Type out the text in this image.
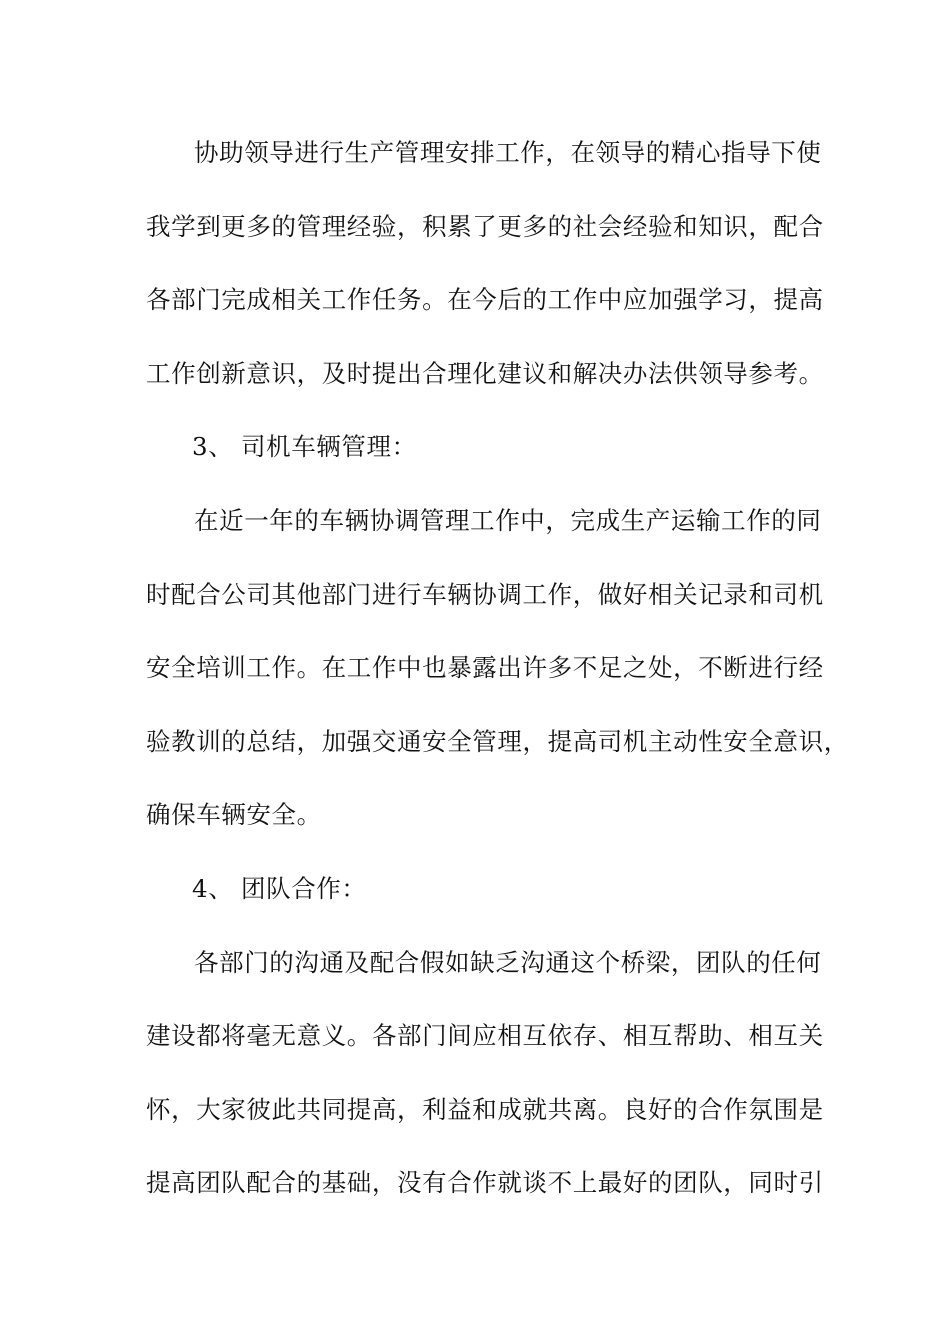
协助领导进行生产管理安排工作，在领导的精心指导下使
我学到更多的管理经验，积累了更多的社会经验和知识，配合
各部门完成相关工作任务。在今后的工作中应加强学习，提高
工作创新意识，及时提出合理化建议和解决办法供领导参考。
3、 司机车辆管理：
在近一年的车辆协调管理工作中，完成生产运输工作的同
时配合公司其他部门进行车辆协调工作，做好相关记录和司机
安全培训工作。在工作中也暴露出许多不足之处，不断进行经
验教训的总结，加强交通安全管理，提高司机主动性安全意识，
确保车辆安全。
4、 团队合作：
各部门的沟通及配合假如缺乏沟通这个桥梁，团队的任何
建设都将毫无意义。各部门间应相互依存、相互帮助、相互关
怀，大家彼此共同提高，利益和成就共离。良好的合作氛围是
提高团队配合的基础，没有合作就谈不上最好的团队，同时引
